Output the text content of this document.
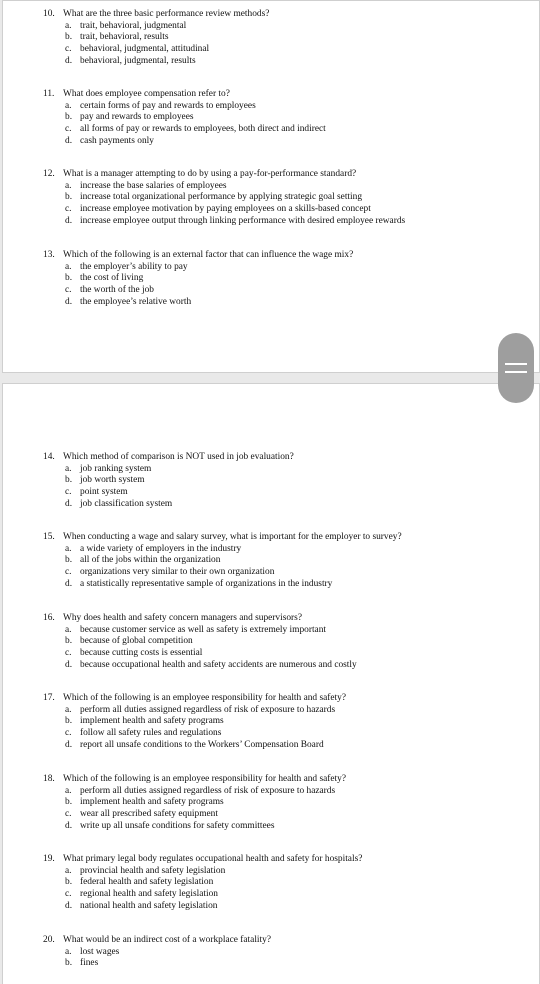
10. What are the three basic performance review methods?
a. trait, behavioral, judgmental
b. trait, behavioral, results
c. behavioral, judgmental, attitudinal
d. behavioral, judgmental, results
11. What does employee compensation refer to?
a. certain forms of pay and rewards to employees
b. pay and rewards to employees
c. all forms of pay or rewards to employees, both direct and indirect
d. cash payments only
12. What is a manager attempting to do by using a pay-for-performance standard?
a. increase the base salaries of employees
b. increase total organizational performance by applying strategic goal setting
c. increase employee motivation by paying employees on a skills-based concept
d. increase employee output through linking performance with desired employee rewards
13. Which of the following is an external factor that can influence the wage mix?
a. the employer’s ability to pay
b. the cost of living
c. the worth of the job
d. the employee’s relative worth
14. Which method of comparison is NOT used in job evaluation?
a. job ranking system
b. job worth system
c. point system
d. job classification system
15. When conducting a wage and salary survey, what is important for the employer to survey?
a. a wide variety of employers in the industry
b. all of the jobs within the organization
c. organizations very similar to their own organization
d. a statistically representative sample of organizations in the industry
16. Why does health and safety concern managers and supervisors?
a. because customer service as well as safety is extremely important
b. because of global competition
c. because cutting costs is essential
d. because occupational health and safety accidents are numerous and costly
17. Which of the following is an employee responsibility for health and safety?
a. perform all duties assigned regardless of risk of exposure to hazards
b. implement health and safety programs
c. follow all safety rules and regulations
d. report all unsafe conditions to the Workers’ Compensation Board
18. Which of the following is an employee responsibility for health and safety?
a. perform all duties assigned regardless of risk of exposure to hazards
b. implement health and safety programs
c. wear all prescribed safety equipment
d. write up all unsafe conditions for safety committees
19. What primary legal body regulates occupational health and safety for hospitals?
a. provincial health and safety legislation
b. federal health and safety legislation
c. regional health and safety legislation
d. national health and safety legislation
20. What would be an indirect cost of a workplace fatality?
a. lost wages
b. fines
